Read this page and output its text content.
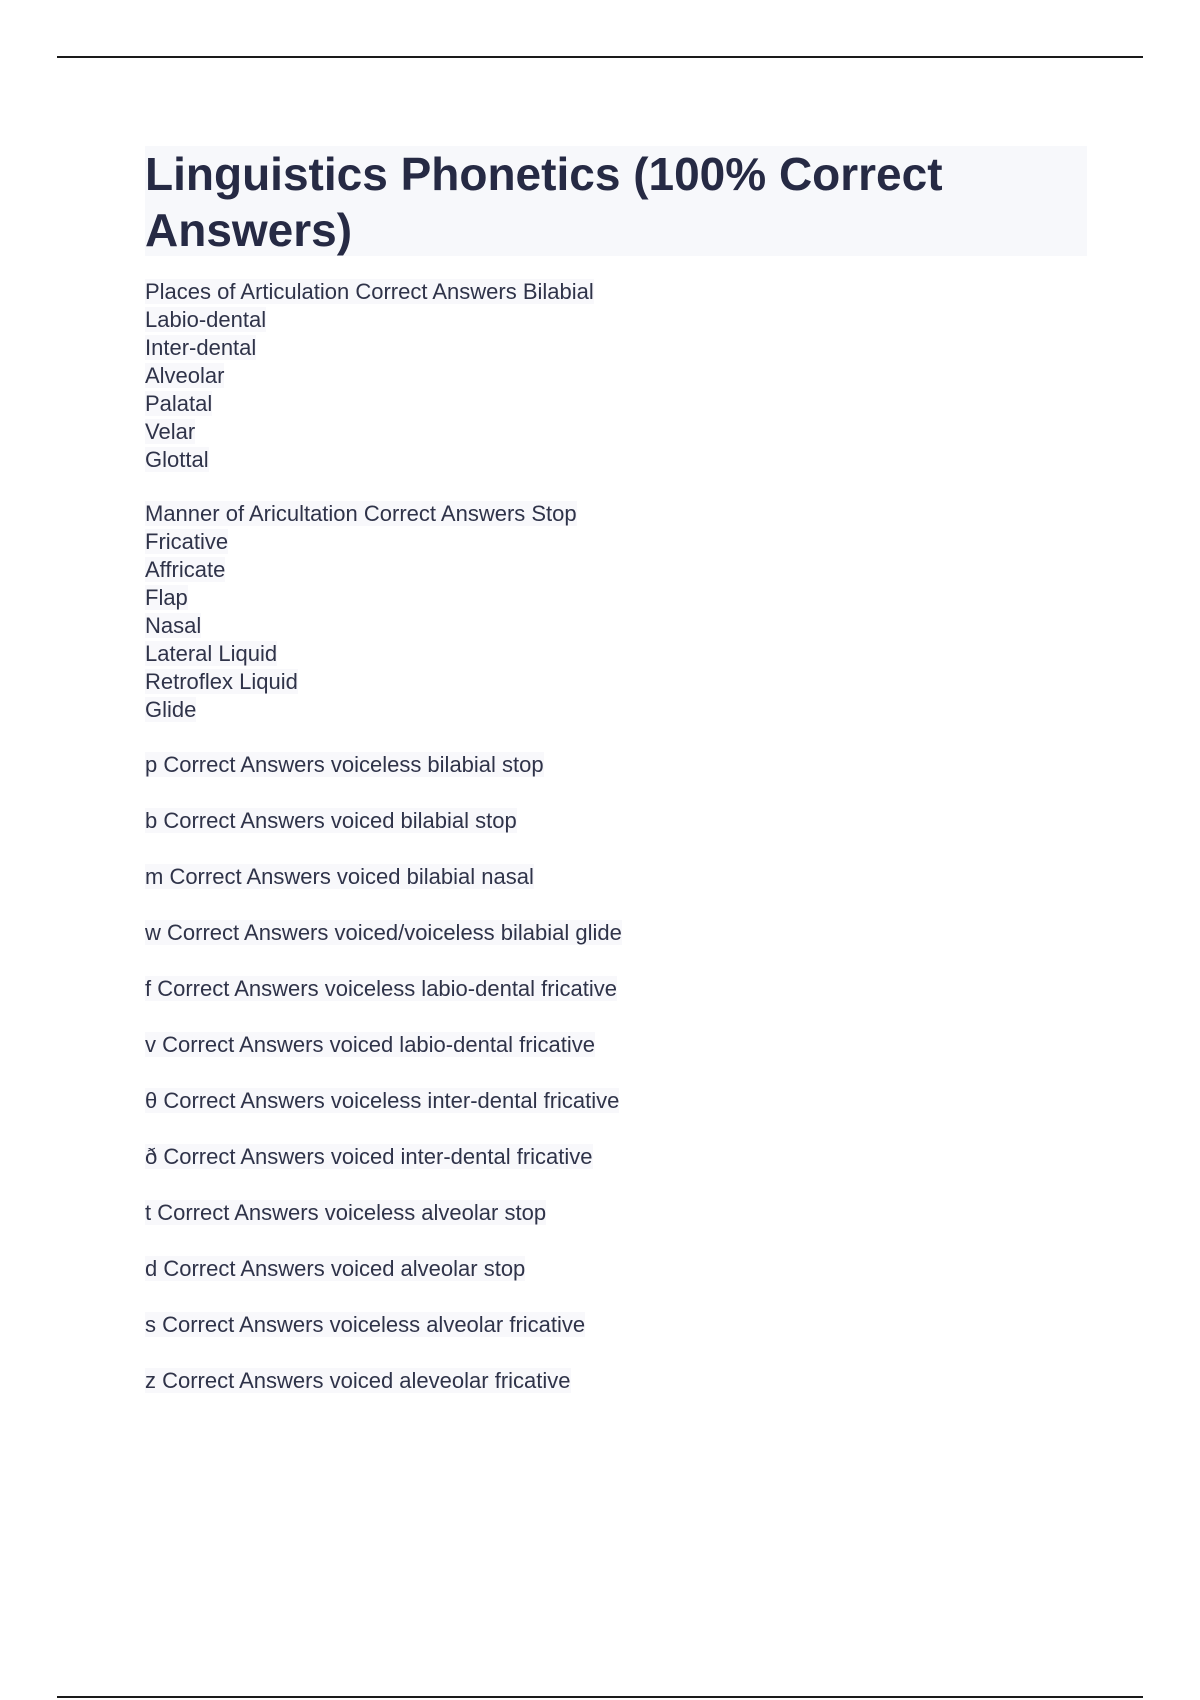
Linguistics Phonetics (100% Correct Answers)
Places of Articulation Correct Answers Bilabial
Labio-dental
Inter-dental
Alveolar
Palatal
Velar
Glottal
Manner of Aricultation Correct Answers Stop
Fricative
Affricate
Flap
Nasal
Lateral Liquid
Retroflex Liquid
Glide
p Correct Answers voiceless bilabial stop
b Correct Answers voiced bilabial stop
m Correct Answers voiced bilabial nasal
w Correct Answers voiced/voiceless bilabial glide
f Correct Answers voiceless labio-dental fricative
v Correct Answers voiced labio-dental fricative
θ Correct Answers voiceless inter-dental fricative
ð Correct Answers voiced inter-dental fricative
t Correct Answers voiceless alveolar stop
d Correct Answers voiced alveolar stop
s Correct Answers voiceless alveolar fricative
z Correct Answers voiced aleveolar fricative
